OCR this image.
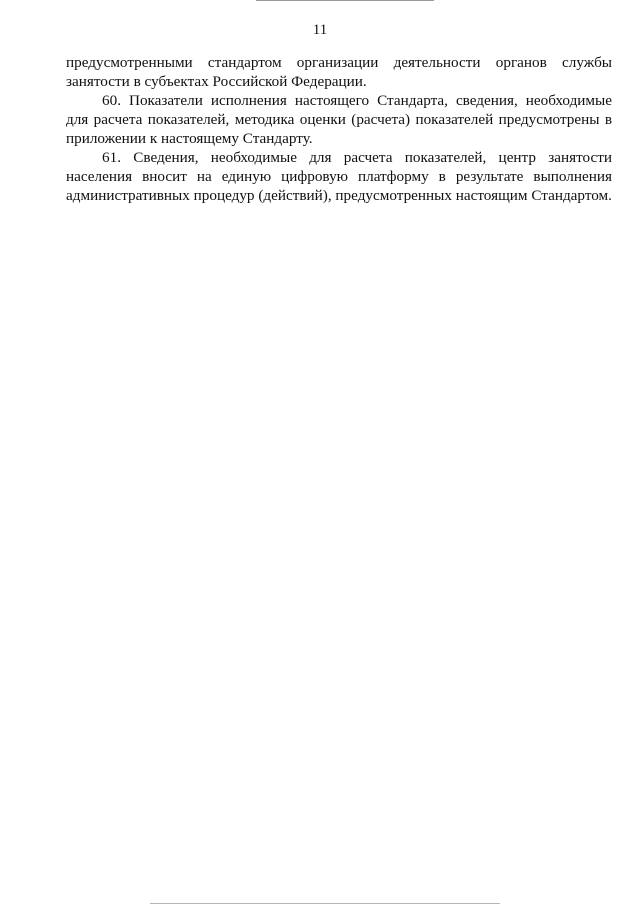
11

предусмотренными стандартом организации деятельности органов службы занятости в субъектах Российской Федерации.

60. Показатели исполнения настоящего Стандарта, сведения, необходимые для расчета показателей, методика оценки (расчета) показателей предусмотрены в приложении к настоящему Стандарту.

61. Сведения, необходимые для расчета показателей, центр занятости населения вносит на единую цифровую платформу в результате выполнения административных процедур (действий), предусмотренных настоящим Стандартом.
